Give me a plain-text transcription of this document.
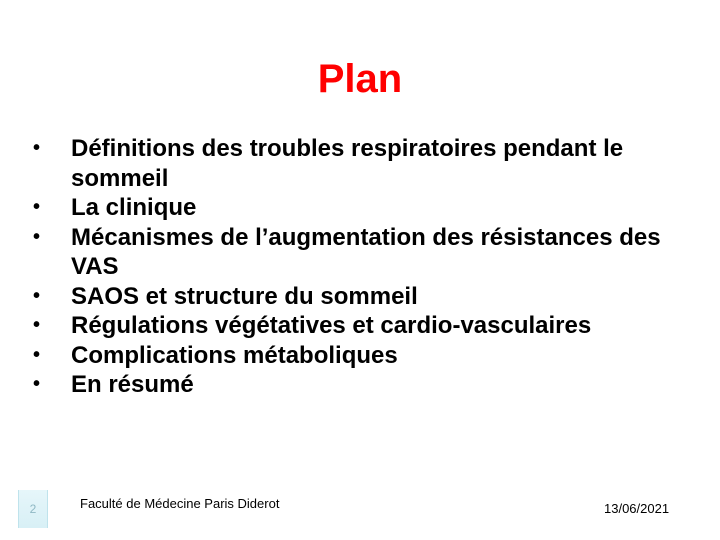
Plan
• Définitions des troubles respiratoires pendant le sommeil
• La clinique
• Mécanismes de l’augmentation des résistances des VAS
• SAOS et structure du sommeil
• Régulations végétatives et cardio-vasculaires
• Complications métaboliques
• En résumé
2	Faculté de Médecine Paris Diderot	13/06/2021
